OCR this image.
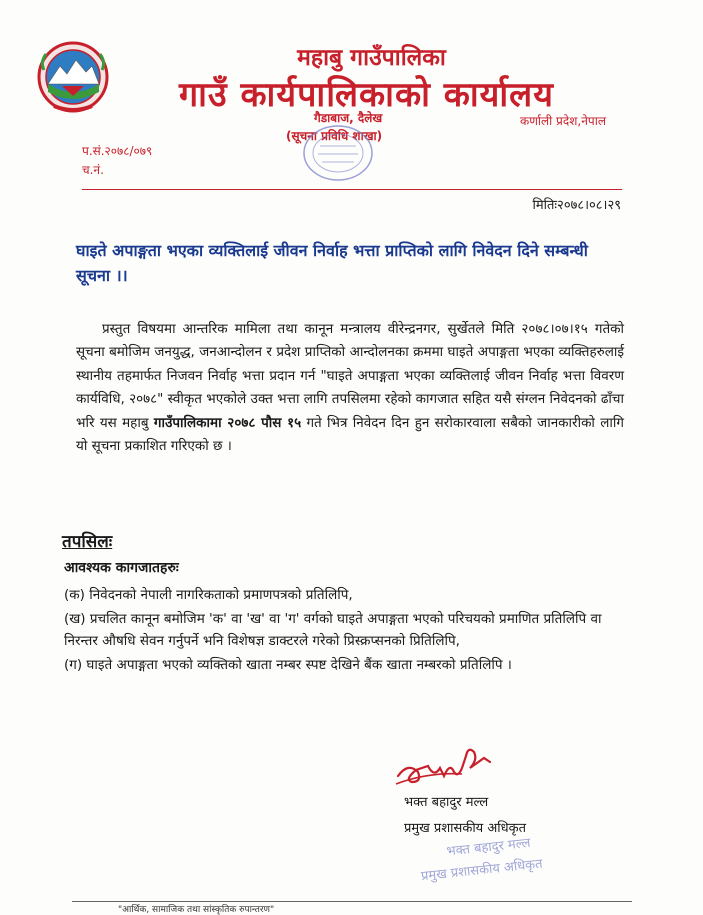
महाबु गाउँपालिका
गाउँ कार्यपालिकाको कार्यालय
गैडाबाज, दैलेख
(सूचना प्रविधि शाखा)
कर्णाली प्रदेश,नेपाल
प.सं.२०७८/०७९
च.नं.
मितिः२०७८।०८।२९
घाइते अपाङ्गता भएका व्यक्तिलाई जीवन निर्वाह भत्ता प्राप्तिको लागि निवेदन दिने सम्बन्धी सूचना ।।
प्रस्तुत विषयमा आन्तरिक मामिला तथा कानून मन्त्रालय वीरेन्द्रनगर, सुर्खेतले मिति २०७८।०७।१५ गतेको सूचना बमोजिम जनयुद्ध, जनआन्दोलन र प्रदेश प्राप्तिको आन्दोलनका क्रममा घाइते अपाङ्गता भएका व्यक्तिहरुलाई स्थानीय तहमार्फत निजवन निर्वाह भत्ता प्रदान गर्न "घाइते अपाङ्गता भएका व्यक्तिलाई जीवन निर्वाह भत्ता विवरण कार्यविधि, २०७८" स्वीकृत भएकोले उक्त भत्ता लागि तपसिलमा रहेको कागजात सहित यसै संग्लन निवेदनको ढाँचा भरि यस महाबु गाउँपालिकामा २०७८ पौस १५ गते भित्र निवेदन दिन हुन सरोकारवाला सबैको जानकारीको लागि यो सूचना प्रकाशित गरिएको छ ।
तपसिलः
आवश्यक कागजातहरुः

(क) निवेदनको नेपाली नागरिकताको प्रमाणपत्रको प्रतिलिपि,

(ख) प्रचलित कानून बमोजिम 'क' वा 'ख' वा 'ग' वर्गको घाइते अपाङ्गता भएको परिचयको प्रमाणित प्रतिलिपि वा निरन्तर औषधि सेवन गर्नुपर्ने भनि विशेषज्ञ डाक्टरले गरेको प्रिस्क्रप्सनको प्रितिलिपि,

(ग) घाइते अपाङ्गता भएको व्यक्तिको खाता नम्बर स्पष्ट देखिने बैंक खाता नम्बरको प्रतिलिपि ।

भक्त बहादुर मल्ल
प्रमुख प्रशासकीय अधिकृत
भक्त बहादुर मल्ल
प्रमुख प्रशासकीय अधिकृत
"आर्थिक, सामाजिक तथा सांस्कृतिक रुपान्तरण"
